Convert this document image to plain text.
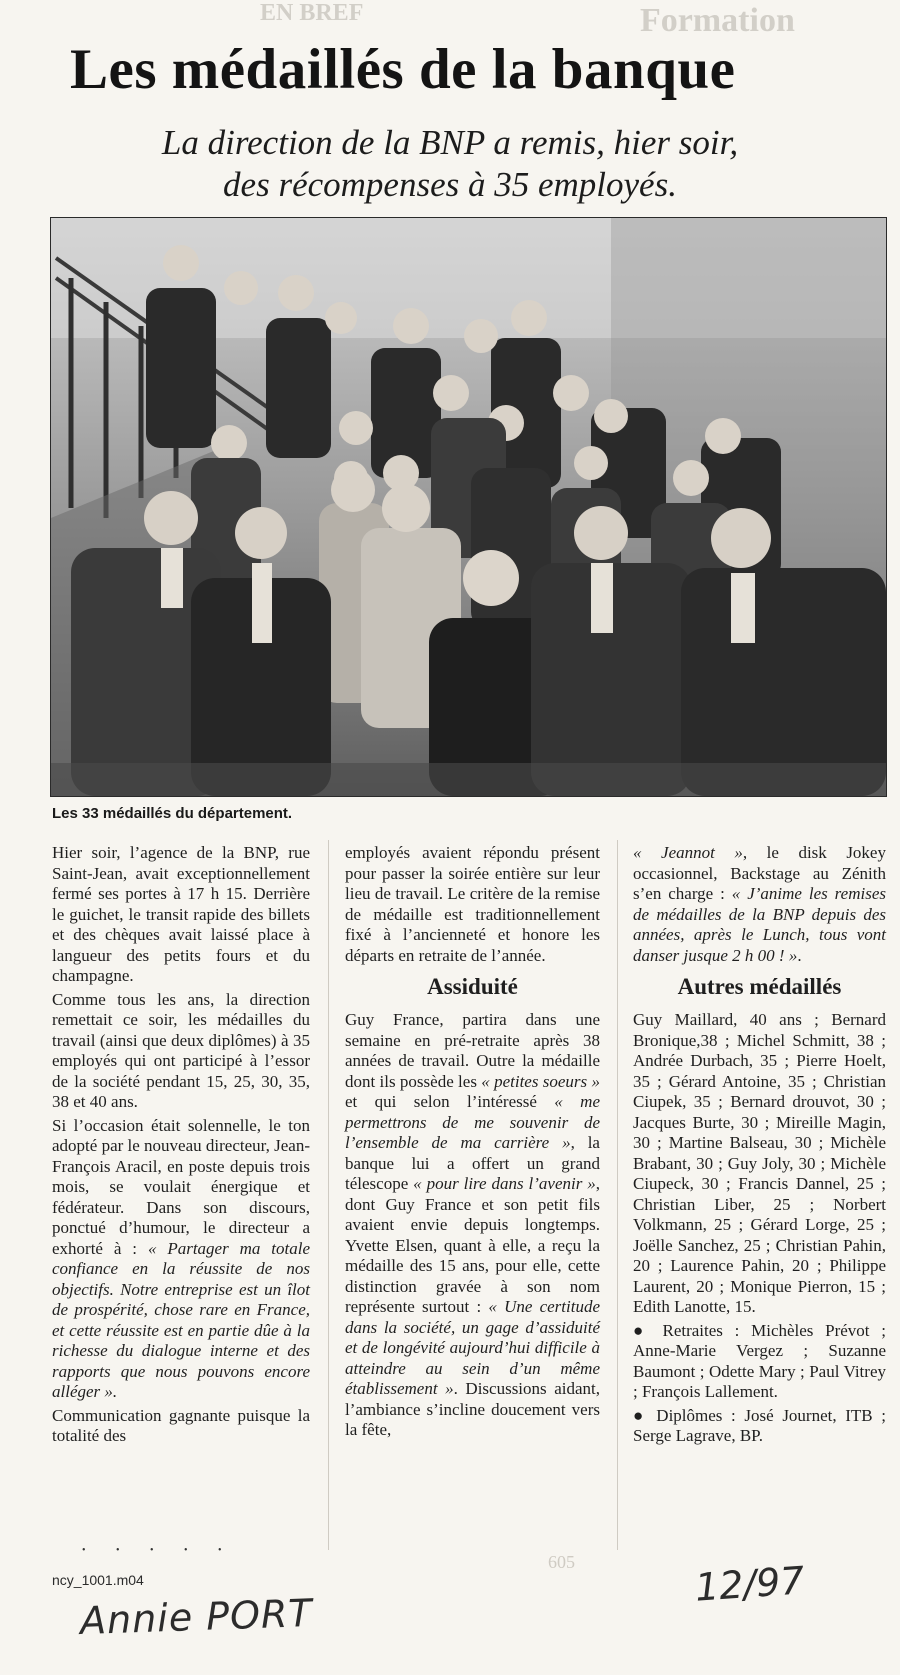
EN BREF	Formation
Les médaillés de la banque
La direction de la BNP a remis, hier soir,
des récompenses à 35 employés.
Les 33 médaillés du département.

Hier soir, l’agence de la BNP, rue Saint-Jean, avait exceptionnellement fermé ses portes à 17 h 15. Derrière le guichet, le transit rapide des billets et des chèques avait laissé place à langueur des petits fours et du champagne.

Comme tous les ans, la direction remettait ce soir, les médailles du travail (ainsi que deux diplômes) à 35 employés qui ont participé à l’essor de la société pendant 15, 25, 30, 35, 38 et 40 ans.

Si l’occasion était solennelle, le ton adopté par le nouveau directeur, Jean-François Aracil, en poste depuis trois mois, se voulait énergique et fédérateur. Dans son discours, ponctué d’humour, le directeur a exhorté à : « Partager ma totale confiance en la réussite de nos objectifs. Notre entreprise est un îlot de prospérité, chose rare en France, et cette réussite est en partie dûe à la richesse du dialogue interne et des rapports que nous pouvons encore alléger ».

Communication gagnante puisque la totalité des

employés avaient répondu présent pour passer la soirée entière sur leur lieu de travail. Le critère de la remise de médaille est traditionnellement fixé à l’ancienneté et honore les départs en retraite de l’année.

Assiduité

Guy France, partira dans une semaine en pré-retraite après 38 années de travail. Outre la médaille dont ils possède les « petites soeurs » et qui selon l’intéressé « me permettrons de me souvenir de l’ensemble de ma carrière », la banque lui a offert un grand télescope « pour lire dans l’avenir », dont Guy France et son petit fils avaient envie depuis longtemps. Yvette Elsen, quant à elle, a reçu la médaille des 15 ans, pour elle, cette distinction gravée à son nom représente surtout : « Une certitude dans la société, un gage d’assiduité et de longévité aujourd’hui difficile à atteindre au sein d’un même établissement ». Discussions aidant, l’ambiance s’incline doucement vers la fête,

« Jeannot », le disk Jokey occasionnel, Backstage au Zénith s’en charge : « J’anime les remises de médailles de la BNP depuis des années, après le Lunch, tous vont danser jusque 2 h 00 ! ».

Autres médaillés

Guy Maillard, 40 ans ; Bernard Bronique,38 ; Michel Schmitt, 38 ; Andrée Durbach, 35 ; Pierre Hoelt, 35 ; Gérard Antoine, 35 ; Christian Ciupek, 35 ; Bernard drouvot, 30 ; Jacques Burte, 30 ; Mireille Magin, 30 ; Martine Balseau, 30 ; Michèle Brabant, 30 ; Guy Joly, 30 ; Michèle Ciupeck, 30 ; Francis Dannel, 25 ; Christian Liber, 25 ; Norbert Volkmann, 25 ; Gérard Lorge, 25 ; Joëlle Sanchez, 25 ; Christian Pahin, 20 ; Laurence Pahin, 20 ; Philippe Laurent, 20 ; Monique Pierron, 15 ; Edith Lanotte, 15.

● Retraites : Michèles Prévot ; Anne-Marie Vergez ; Suzanne Baumont ; Odette Mary ; Paul Vitrey ; François Lallement.

● Diplômes : José Journet, ITB ; Serge Lagrave, BP.

• • • • •
605
ncy_1001.m04
Annie PORT
12/97
